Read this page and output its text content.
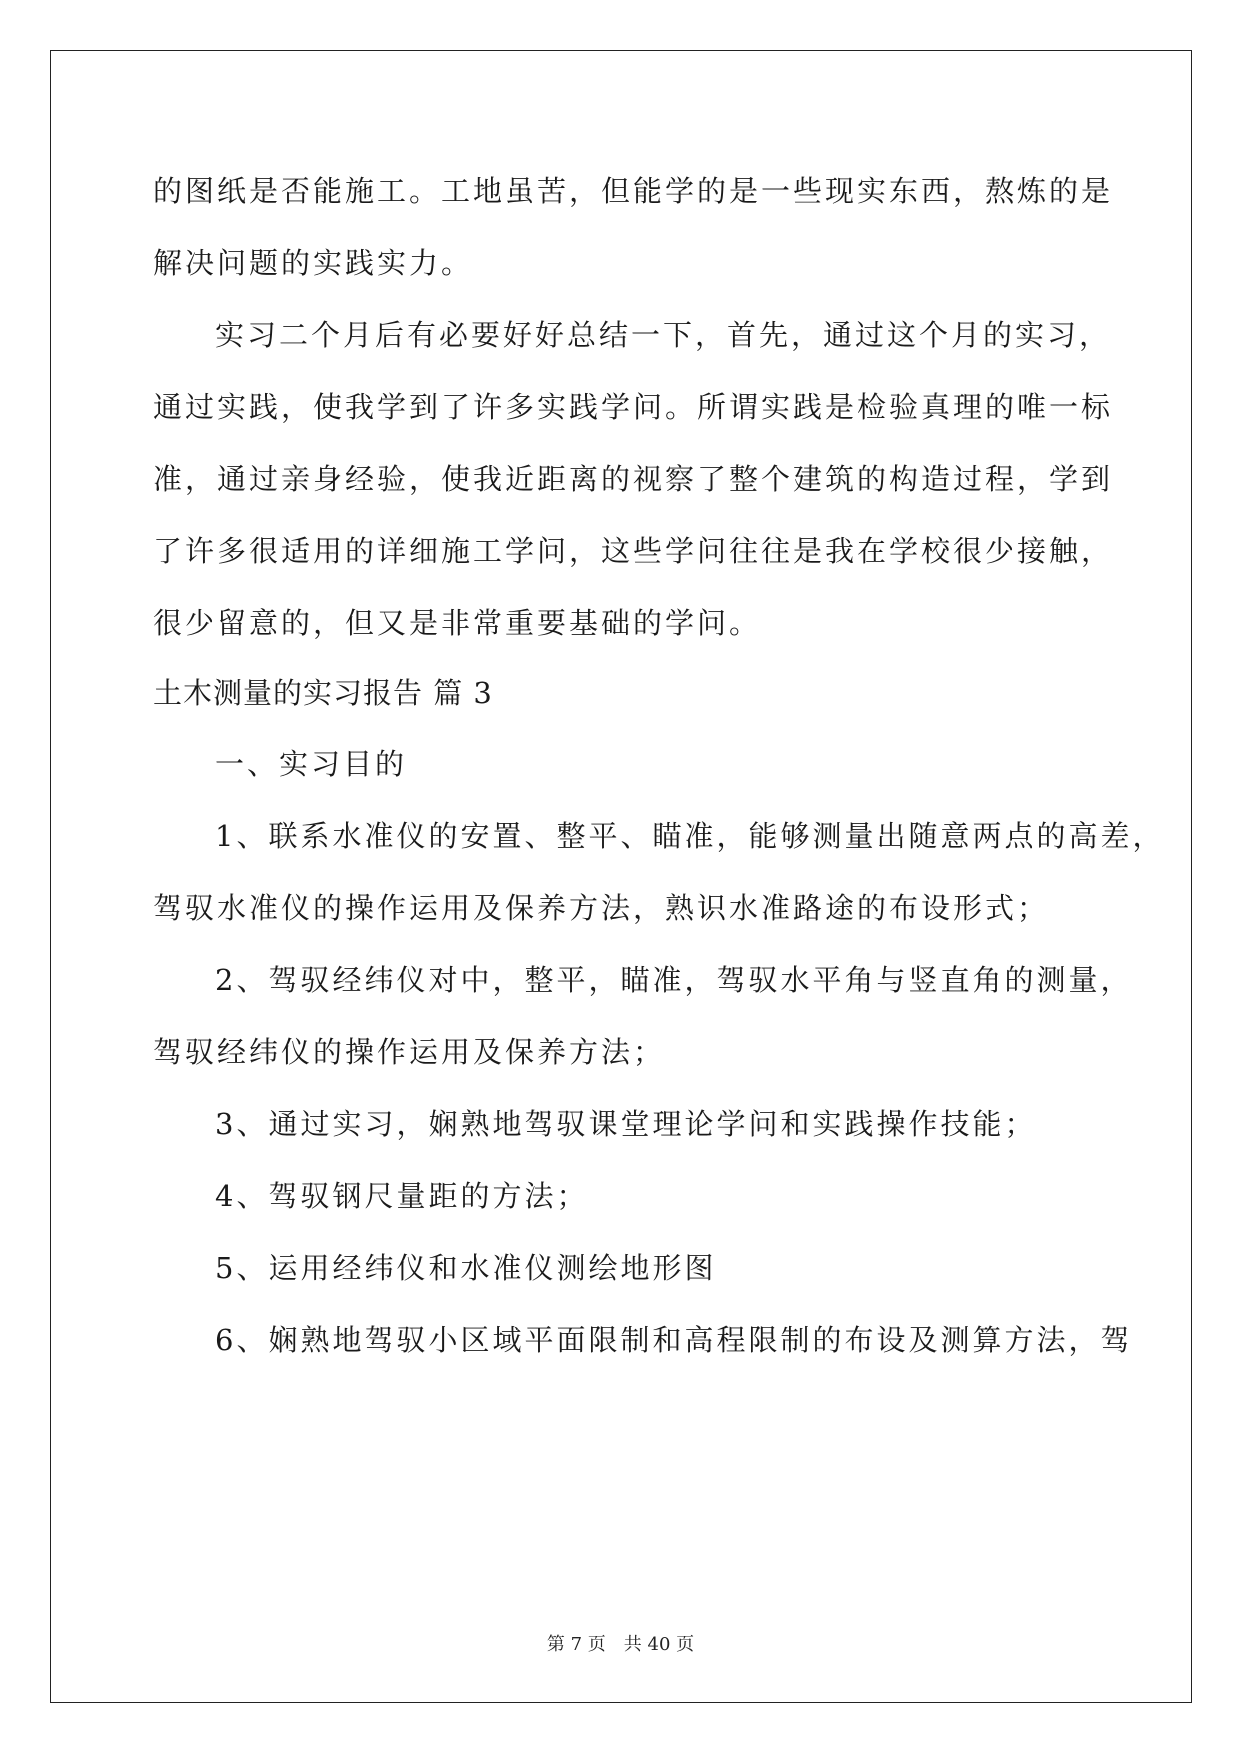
的图纸是否能施工。工地虽苦，但能学的是一些现实东西，熬炼的是
解决问题的实践实力。
实习二个月后有必要好好总结一下，首先，通过这个月的实习，
通过实践，使我学到了许多实践学问。所谓实践是检验真理的唯一标
准，通过亲身经验，使我近距离的视察了整个建筑的构造过程，学到
了许多很适用的详细施工学问，这些学问往往是我在学校很少接触，
很少留意的，但又是非常重要基础的学问。
土木测量的实习报告 篇 3
一、实习目的
1、联系水准仪的安置、整平、瞄准，能够测量出随意两点的高差，
驾驭水准仪的操作运用及保养方法，熟识水准路途的布设形式；
2、驾驭经纬仪对中，整平，瞄准，驾驭水平角与竖直角的测量，
驾驭经纬仪的操作运用及保养方法；
3、通过实习，娴熟地驾驭课堂理论学问和实践操作技能；
4、驾驭钢尺量距的方法；
5、运用经纬仪和水准仪测绘地形图
6、娴熟地驾驭小区域平面限制和高程限制的布设及测算方法，驾
第 7 页 共 40 页
